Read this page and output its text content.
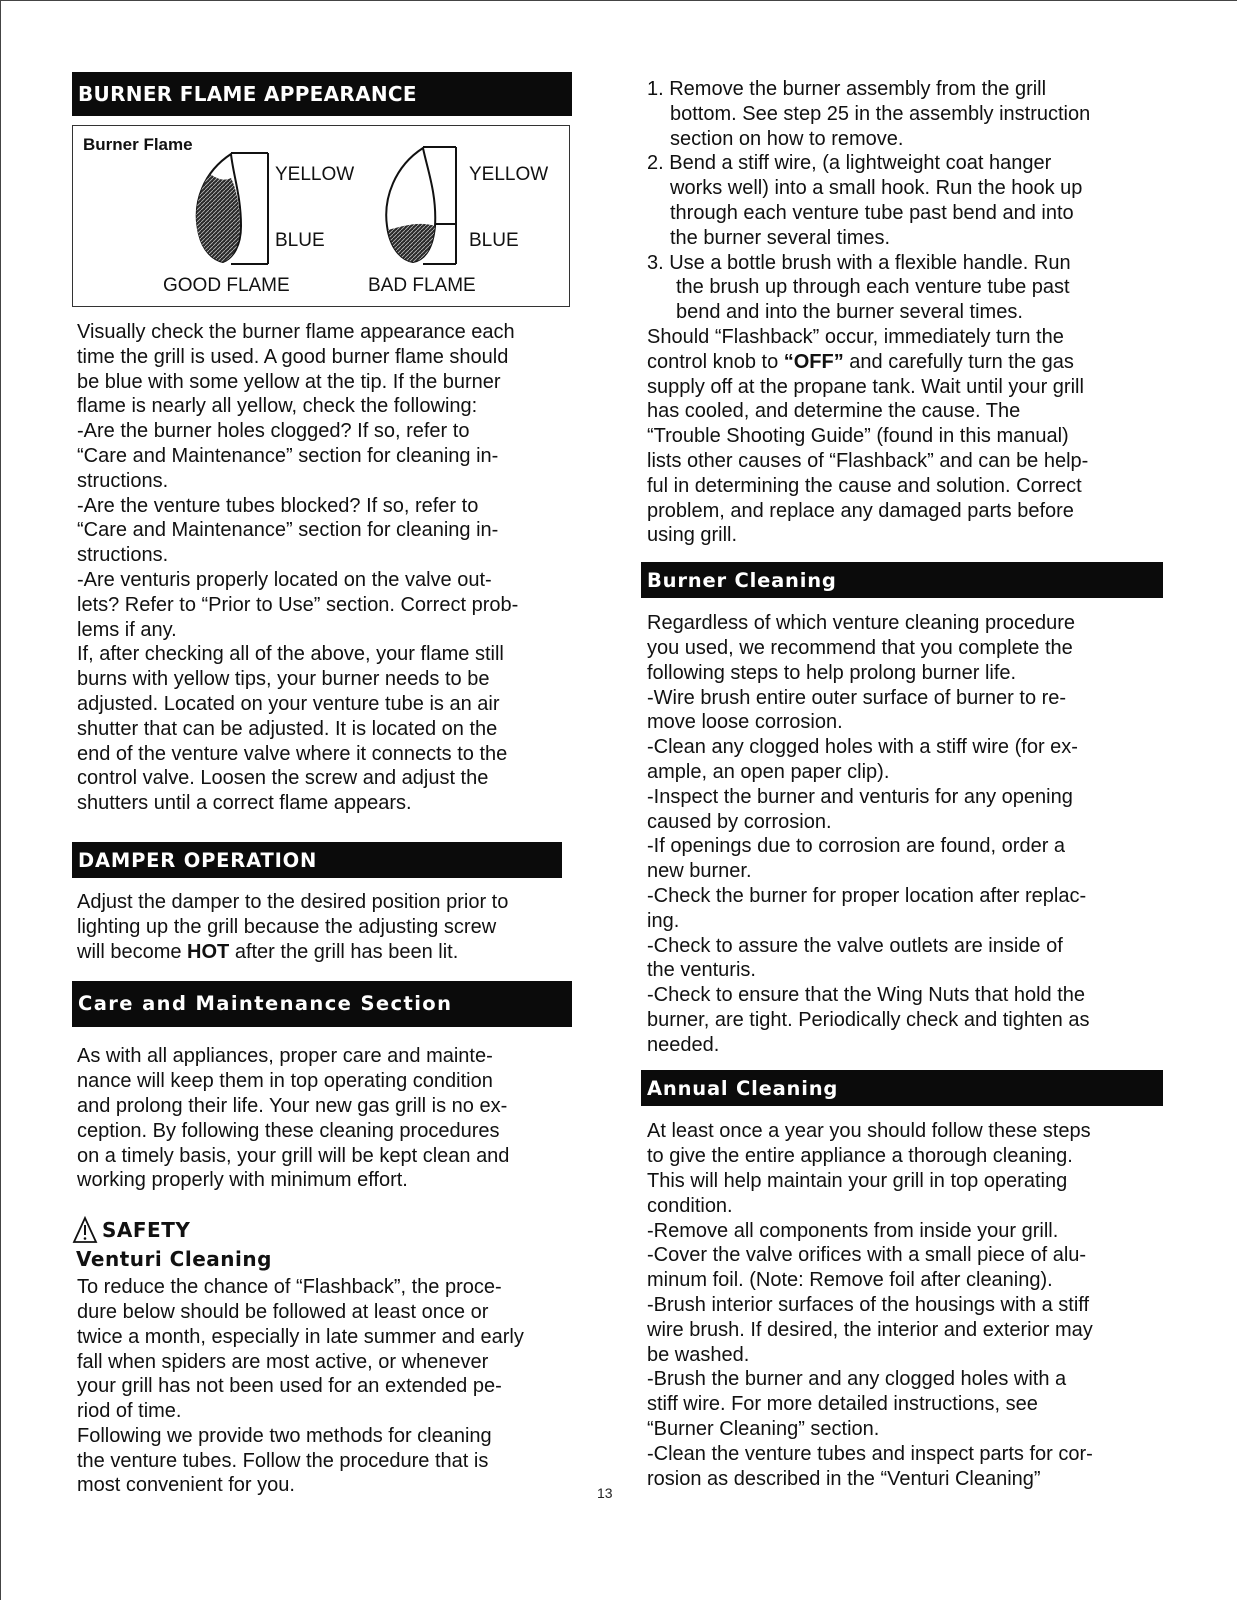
BURNER FLAME APPEARANCE
Burner Flame
YELLOW
BLUE
YELLOW
BLUE
GOOD FLAME	BAD FLAME

Visually check the burner flame appearance each

time the grill is used. A good burner flame should

be blue with some yellow at the tip. If the burner

flame is nearly all yellow, check the following:

-Are the burner holes clogged? If so, refer to

“Care and Maintenance” section for cleaning in-

structions.

-Are the venture tubes blocked? If so, refer to

“Care and Maintenance” section for cleaning in-

structions.

-Are venturis properly located on the valve out-

lets? Refer to “Prior to Use” section. Correct prob-

lems if any.

If, after checking all of the above, your flame still

burns with yellow tips, your burner needs to be

adjusted. Located on your venture tube is an air

shutter that can be adjusted. It is located on the

end of the venture valve where it connects to the

control valve. Loosen the screw and adjust the

shutters until a correct flame appears.

DAMPER OPERATION

Adjust the damper to the desired position prior to

lighting up the grill because the adjusting screw

will become HOT after the grill has been lit.

Care and Maintenance Section

As with all appliances, proper care and mainte-

nance will keep them in top operating condition

and prolong their life. Your new gas grill is no ex-

ception. By following these cleaning procedures

on a timely basis, your grill will be kept clean and

working properly with minimum effort.

SAFETY
Venturi Cleaning

To reduce the chance of “Flashback”, the proce-

dure below should be followed at least once or

twice a month, especially in late summer and early

fall when spiders are most active, or whenever

your grill has not been used for an extended pe-

riod of time.

Following we provide two methods for cleaning

the venture tubes. Follow the procedure that is

most convenient for you.

1. Remove the burner assembly from the grill

bottom. See step 25 in the assembly instruction

section on how to remove.

2. Bend a stiff wire, (a lightweight coat hanger

works well) into a small hook. Run the hook up

through each venture tube past bend and into

the burner several times.

3. Use a bottle brush with a flexible handle. Run

the brush up through each venture tube past

bend and into the burner several times.

Should “Flashback” occur, immediately turn the

control knob to “OFF” and carefully turn the gas

supply off at the propane tank. Wait until your grill

has cooled, and determine the cause. The

“Trouble Shooting Guide” (found in this manual)

lists other causes of “Flashback” and can be help-

ful in determining the cause and solution. Correct

problem, and replace any damaged parts before

using grill.

Burner Cleaning

Regardless of which venture cleaning procedure

you used, we recommend that you complete the

following steps to help prolong burner life.

-Wire brush entire outer surface of burner to re-

move loose corrosion.

-Clean any clogged holes with a stiff wire (for ex-

ample, an open paper clip).

-Inspect the burner and venturis for any opening

caused by corrosion.

-If openings due to corrosion are found, order a

new burner.

-Check the burner for proper location after replac-

ing.

-Check to assure the valve outlets are inside of

the venturis.

-Check to ensure that the Wing Nuts that hold the

burner, are tight. Periodically check and tighten as

needed.

Annual Cleaning

At least once a year you should follow these steps

to give the entire appliance a thorough cleaning.

This will help maintain your grill in top operating

condition.

-Remove all components from inside your grill.

-Cover the valve orifices with a small piece of alu-

minum foil. (Note: Remove foil after cleaning).

-Brush interior surfaces of the housings with a stiff

wire brush. If desired, the interior and exterior may

be washed.

-Brush the burner and any clogged holes with a

stiff wire. For more detailed instructions, see

“Burner Cleaning” section.

-Clean the venture tubes and inspect parts for cor-

rosion as described in the “Venturi Cleaning”

13
